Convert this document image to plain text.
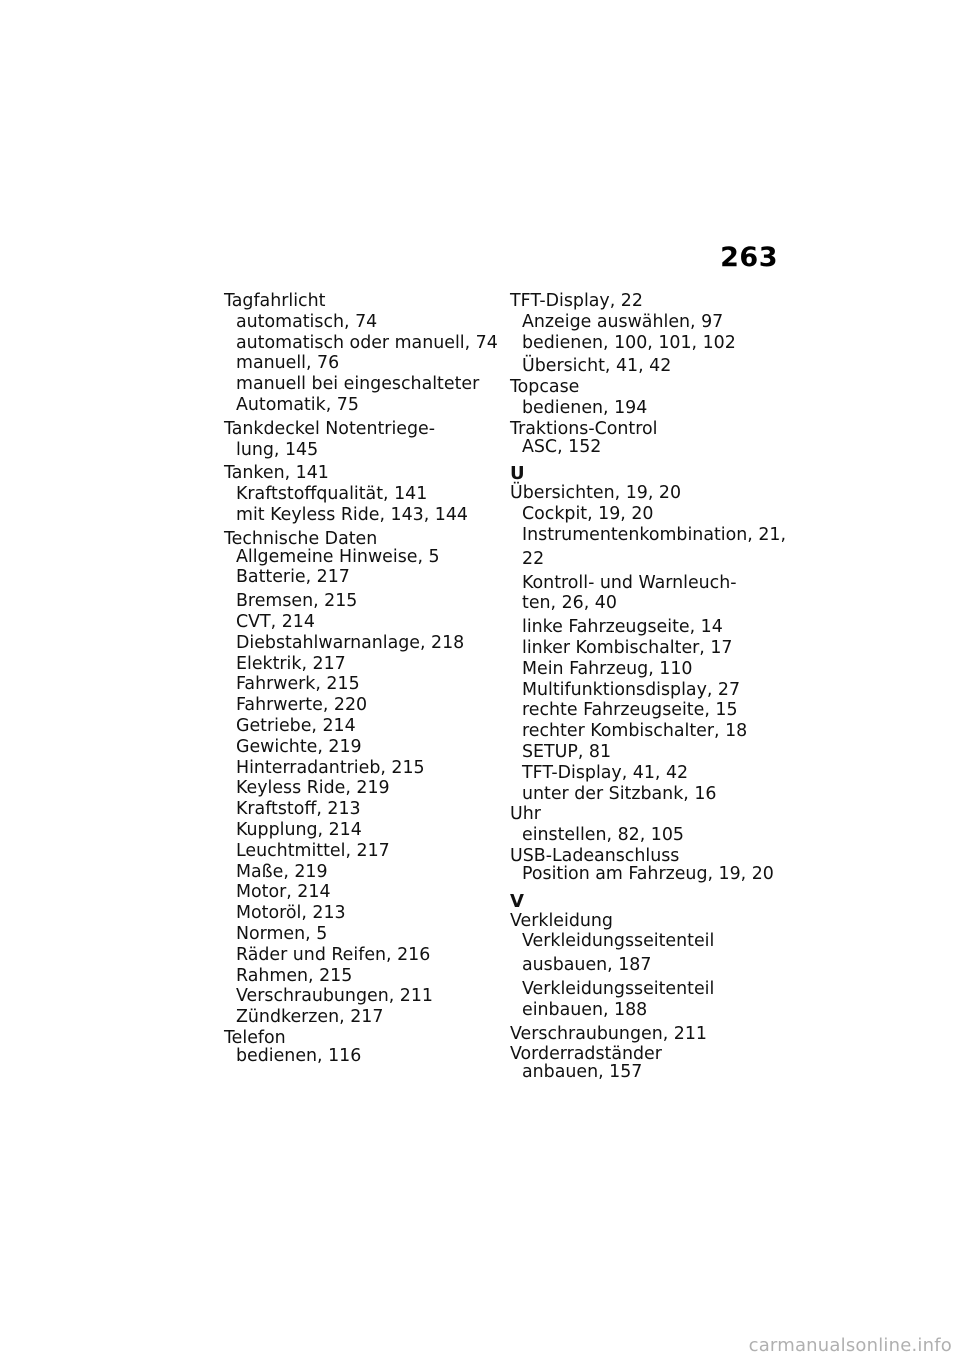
263
Tagfahrlicht
automatisch, 74
automatisch oder manuell, 74
manuell, 76
manuell bei eingeschalteter
Automatik, 75
Tankdeckel Notentriege-
lung, 145
Tanken, 141
Kraftstoffqualität, 141
mit Keyless Ride, 143, 144
Technische Daten
Allgemeine Hinweise, 5
Batterie, 217
Bremsen, 215
CVT, 214
Diebstahlwarnanlage, 218
Elektrik, 217
Fahrwerk, 215
Fahrwerte, 220
Getriebe, 214
Gewichte, 219
Hinterradantrieb, 215
Keyless Ride, 219
Kraftstoff, 213
Kupplung, 214
Leuchtmittel, 217
Maße, 219
Motor, 214
Motoröl, 213
Normen, 5
Räder und Reifen, 216
Rahmen, 215
Verschraubungen, 211
Zündkerzen, 217
Telefon
bedienen, 116
TFT-Display, 22
Anzeige auswählen, 97
bedienen, 100, 101, 102
Übersicht, 41, 42
Topcase
bedienen, 194
Traktions-Control
ASC, 152
U
Übersichten, 19, 20
Cockpit, 19, 20
Instrumentenkombination, 21,
22
Kontroll- und Warnleuch-
ten, 26, 40
linke Fahrzeugseite, 14
linker Kombischalter, 17
Mein Fahrzeug, 110
Multifunktionsdisplay, 27
rechte Fahrzeugseite, 15
rechter Kombischalter, 18
SETUP, 81
TFT-Display, 41, 42
unter der Sitzbank, 16
Uhr
einstellen, 82, 105
USB-Ladeanschluss
Position am Fahrzeug, 19, 20
V
Verkleidung
Verkleidungsseitenteil
ausbauen, 187
Verkleidungsseitenteil
einbauen, 188
Verschraubungen, 211
Vorderradständer
anbauen, 157
carmanualsonline.info
